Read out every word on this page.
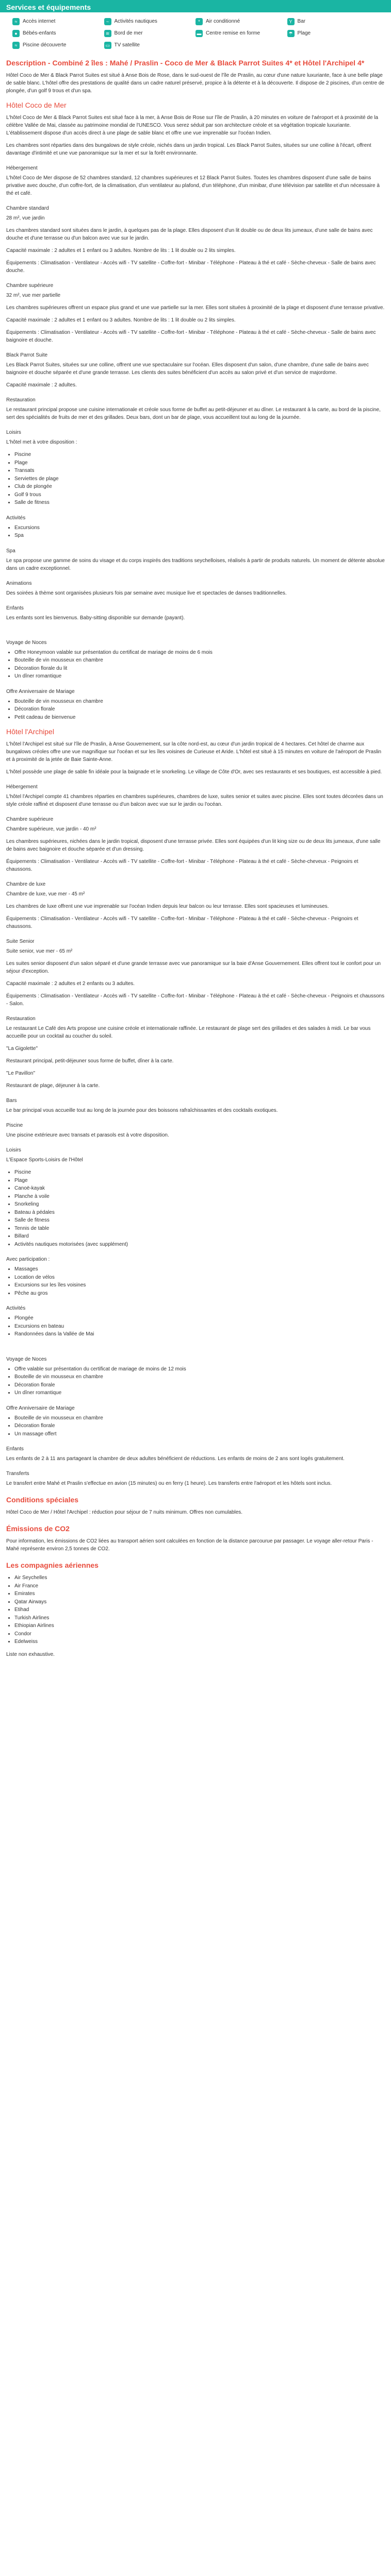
Services et équipements
≈	Accès internet	~	Activités nautiques	*	Air conditionné	Y	Bar
●	Bébés-enfants	≋ Bord de mer	▬ Centre remise en forme	☂ Plage
≈	Piscine découverte	▭ TV satellite
Description - Combiné 2 îles : Mahé / Praslin - Coco de Mer & Black Parrot Suites 4* et Hôtel l'Archipel 4*

Hôtel Coco de Mer & Black Parrot Suites est situé à Anse Bois de Rose, dans le sud-ouest de l'île de Praslin, au cœur d'une nature luxuriante, face à une belle plage de sable blanc. L'hôtel offre des prestations de qualité dans un cadre naturel préservé, propice à la détente et à la découverte. Il dispose de 2 piscines, d'un centre de plongée, d'un golf 9 trous et d'un spa.

Hôtel Coco de Mer

L'hôtel Coco de Mer & Black Parrot Suites est situé face à la mer, à Anse Bois de Rose sur l'île de Praslin, à 20 minutes en voiture de l'aéroport et à proximité de la célèbre Vallée de Mai, classée au patrimoine mondial de l'UNESCO. Vous serez séduit par son architecture créole et sa végétation tropicale luxuriante. L'établissement dispose d'un accès direct à une plage de sable blanc et offre une vue imprenable sur l'océan Indien.

Les chambres sont réparties dans des bungalows de style créole, nichés dans un jardin tropical. Les Black Parrot Suites, situées sur une colline à l'écart, offrent davantage d'intimité et une vue panoramique sur la mer et sur la forêt environnante.

Hébergement

L'hôtel Coco de Mer dispose de 52 chambres standard, 12 chambres supérieures et 12 Black Parrot Suites. Toutes les chambres disposent d'une salle de bains privative avec douche, d'un coffre-fort, de la climatisation, d'un ventilateur au plafond, d'un téléphone, d'un minibar, d'une télévision par satellite et d'un nécessaire à thé et café.

Chambre standard

28 m², vue jardin

Les chambres standard sont situées dans le jardin, à quelques pas de la plage. Elles disposent d'un lit double ou de deux lits jumeaux, d'une salle de bains avec douche et d'une terrasse ou d'un balcon avec vue sur le jardin.

Capacité maximale : 2 adultes et 1 enfant ou 3 adultes. Nombre de lits : 1 lit double ou 2 lits simples.

Équipements : Climatisation - Ventilateur - Accès wifi - TV satellite - Coffre-fort - Minibar - Téléphone - Plateau à thé et café - Sèche-cheveux - Salle de bains avec douche.

Chambre supérieure

32 m², vue mer partielle

Les chambres supérieures offrent un espace plus grand et une vue partielle sur la mer. Elles sont situées à proximité de la plage et disposent d'une terrasse privative.

Capacité maximale : 2 adultes et 1 enfant ou 3 adultes. Nombre de lits : 1 lit double ou 2 lits simples.

Équipements : Climatisation - Ventilateur - Accès wifi - TV satellite - Coffre-fort - Minibar - Téléphone - Plateau à thé et café - Sèche-cheveux - Salle de bains avec baignoire et douche.

Black Parrot Suite

Les Black Parrot Suites, situées sur une colline, offrent une vue spectaculaire sur l'océan. Elles disposent d'un salon, d'une chambre, d'une salle de bains avec baignoire et douche séparée et d'une grande terrasse. Les clients des suites bénéficient d'un accès au salon privé et d'un service de majordome.

Capacité maximale : 2 adultes.

Restauration

Le restaurant principal propose une cuisine internationale et créole sous forme de buffet au petit-déjeuner et au dîner. Le restaurant à la carte, au bord de la piscine, sert des spécialités de fruits de mer et des grillades. Deux bars, dont un bar de plage, vous accueillent tout au long de la journée.

Loisirs

L'hôtel met à votre disposition :

• Piscine
• Plage
• Transats
• Serviettes de plage
• Club de plongée
• Golf 9 trous
• Salle de fitness

Activités

• Excursions
• Spa

Spa

Le spa propose une gamme de soins du visage et du corps inspirés des traditions seychelloises, réalisés à partir de produits naturels. Un moment de détente absolue dans un cadre exceptionnel.

Animations

Des soirées à thème sont organisées plusieurs fois par semaine avec musique live et spectacles de danses traditionnelles.

Enfants

Les enfants sont les bienvenus. Baby-sitting disponible sur demande (payant).

Voyage de Noces

• Offre Honeymoon valable sur présentation du certificat de mariage de moins de 6 mois
• Bouteille de vin mousseux en chambre
• Décoration florale du lit
• Un dîner romantique

Offre Anniversaire de Mariage

• Bouteille de vin mousseux en chambre
• Décoration florale
• Petit cadeau de bienvenue
Hôtel l'Archipel

L'hôtel l'Archipel est situé sur l'île de Praslin, à Anse Gouvernement, sur la côte nord-est, au cœur d'un jardin tropical de 4 hectares. Cet hôtel de charme aux bungalows créoles offre une vue magnifique sur l'océan et sur les îles voisines de Curieuse et Aride. L'hôtel est situé à 15 minutes en voiture de l'aéroport de Praslin et à proximité de la jetée de Baie Sainte-Anne.

L'hôtel possède une plage de sable fin idéale pour la baignade et le snorkeling. Le village de Côte d'Or, avec ses restaurants et ses boutiques, est accessible à pied.

Hébergement

L'hôtel l'Archipel compte 41 chambres réparties en chambres supérieures, chambres de luxe, suites senior et suites avec piscine. Elles sont toutes décorées dans un style créole raffiné et disposent d'une terrasse ou d'un balcon avec vue sur le jardin ou l'océan.

Chambre supérieure

Chambre supérieure, vue jardin - 40 m²

Les chambres supérieures, nichées dans le jardin tropical, disposent d'une terrasse privée. Elles sont équipées d'un lit king size ou de deux lits jumeaux, d'une salle de bains avec baignoire et douche séparée et d'un dressing.

Équipements : Climatisation - Ventilateur - Accès wifi - TV satellite - Coffre-fort - Minibar - Téléphone - Plateau à thé et café - Sèche-cheveux - Peignoirs et chaussons.

Chambre de luxe

Chambre de luxe, vue mer - 45 m²

Les chambres de luxe offrent une vue imprenable sur l'océan Indien depuis leur balcon ou leur terrasse. Elles sont spacieuses et lumineuses.

Équipements : Climatisation - Ventilateur - Accès wifi - TV satellite - Coffre-fort - Minibar - Téléphone - Plateau à thé et café - Sèche-cheveux - Peignoirs et chaussons.

Suite Senior

Suite senior, vue mer - 65 m²

Les suites senior disposent d'un salon séparé et d'une grande terrasse avec vue panoramique sur la baie d'Anse Gouvernement. Elles offrent tout le confort pour un séjour d'exception.

Capacité maximale : 2 adultes et 2 enfants ou 3 adultes.

Équipements : Climatisation - Ventilateur - Accès wifi - TV satellite - Coffre-fort - Minibar - Téléphone - Plateau à thé et café - Sèche-cheveux - Peignoirs et chaussons - Salon.

Restauration

Le restaurant Le Café des Arts propose une cuisine créole et internationale raffinée. Le restaurant de plage sert des grillades et des salades à midi. Le bar vous accueille pour un cocktail au coucher du soleil.

"La Gigolette"

Restaurant principal, petit-déjeuner sous forme de buffet, dîner à la carte.

"Le Pavillon"

Restaurant de plage, déjeuner à la carte.

Bars

Le bar principal vous accueille tout au long de la journée pour des boissons rafraîchissantes et des cocktails exotiques.

Piscine

Une piscine extérieure avec transats et parasols est à votre disposition.

Loisirs

L'Espace Sports-Loisirs de l'Hôtel

• Piscine
• Plage
• Canoë-kayak
• Planche à voile
• Snorkeling
• Bateau à pédales
• Salle de fitness
• Tennis de table
• Billard
• Activités nautiques motorisées (avec supplément)

Avec participation :

• Massages
• Location de vélos
• Excursions sur les îles voisines
• Pêche au gros

Activités

• Plongée
• Excursions en bateau
• Randonnées dans la Vallée de Mai

Voyage de Noces

• Offre valable sur présentation du certificat de mariage de moins de 12 mois
• Bouteille de vin mousseux en chambre
• Décoration florale
• Un dîner romantique

Offre Anniversaire de Mariage

• Bouteille de vin mousseux en chambre
• Décoration florale
• Un massage offert

Enfants

Les enfants de 2 à 11 ans partageant la chambre de deux adultes bénéficient de réductions. Les enfants de moins de 2 ans sont logés gratuitement.

Transferts

Le transfert entre Mahé et Praslin s'effectue en avion (15 minutes) ou en ferry (1 heure). Les transferts entre l'aéroport et les hôtels sont inclus.

Conditions spéciales

Hôtel Coco de Mer / Hôtel l'Archipel : réduction pour séjour de 7 nuits minimum. Offres non cumulables.

Émissions de CO2

Pour information, les émissions de CO2 liées au transport aérien sont calculées en fonction de la distance parcourue par passager. Le voyage aller-retour Paris - Mahé représente environ 2,5 tonnes de CO2.

Les compagnies aériennes
• Air Seychelles
• Air France
• Emirates
• Qatar Airways
• Etihad
• Turkish Airlines
• Ethiopian Airlines
• Condor
• Edelweiss

Liste non exhaustive.
